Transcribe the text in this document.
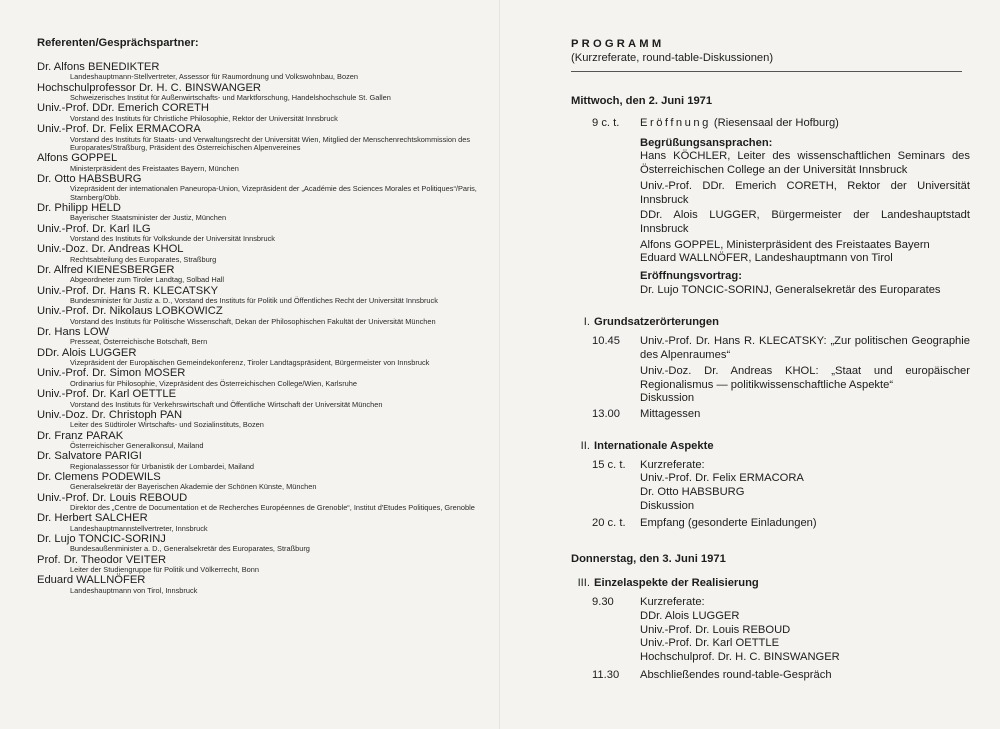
Referenten/Gesprächspartner:
Dr. Alfons BENEDIKTER
Landeshauptmann-Stellvertreter, Assessor für Raumordnung und Volkswohnbau, Bozen
Hochschulprofessor Dr. H. C. BINSWANGER
Schweizerisches Institut für Außenwirtschafts- und Marktforschung, Handelshochschule St. Gallen
Univ.-Prof. DDr. Emerich CORETH
Vorstand des Instituts für Christliche Philosophie, Rektor der Universität Innsbruck
Univ.-Prof. Dr. Felix ERMACORA
Vorstand des Instituts für Staats- und Verwaltungsrecht der Universität Wien, Mitglied der Menschenrechtskommission des Europarates/Straßburg, Präsident des Österreichischen Alpenvereines
Alfons GOPPEL
Ministerpräsident des Freistaates Bayern, München
Dr. Otto HABSBURG
Vizepräsident der internationalen Paneuropa-Union, Vizepräsident der „Académie des Sciences Morales et Politiques“/Paris, Starnberg/Obb.
Dr. Philipp HELD
Bayerischer Staatsminister der Justiz, München
Univ.-Prof. Dr. Karl ILG
Vorstand des Instituts für Volkskunde der Universität Innsbruck
Univ.-Doz. Dr. Andreas KHOL
Rechtsabteilung des Europarates, Straßburg
Dr. Alfred KIENESBERGER
Abgeordneter zum Tiroler Landtag, Solbad Hall
Univ.-Prof. Dr. Hans R. KLECATSKY
Bundesminister für Justiz a. D., Vorstand des Instituts für Politik und Öffentliches Recht der Universität Innsbruck
Univ.-Prof. Dr. Nikolaus LOBKOWICZ
Vorstand des Instituts für Politische Wissenschaft, Dekan der Philosophischen Fakultät der Universität München
Dr. Hans LOW
Presseat, Österreichische Botschaft, Bern
DDr. Alois LUGGER
Vizepräsident der Europäischen Gemeindekonferenz, Tiroler Landtagspräsident, Bürgermeister von Innsbruck
Univ.-Prof. Dr. Simon MOSER
Ordinarius für Philosophie, Vizepräsident des Österreichischen College/Wien, Karlsruhe
Univ.-Prof. Dr. Karl OETTLE
Vorstand des Instituts für Verkehrswirtschaft und Öffentliche Wirtschaft der Universität München
Univ.-Doz. Dr. Christoph PAN
Leiter des Südtiroler Wirtschafts- und Sozialinstituts, Bozen
Dr. Franz PARAK
Österreichischer Generalkonsul, Mailand
Dr. Salvatore PARIGI
Regionalassessor für Urbanistik der Lombardei, Mailand
Dr. Clemens PODEWILS
Generalsekretär der Bayerischen Akademie der Schönen Künste, München
Univ.-Prof. Dr. Louis REBOUD
Direktor des „Centre de Documentation et de Recherches Européennes de Grenoble“, Institut d'Etudes Politiques, Grenoble
Dr. Herbert SALCHER
Landeshauptmannstellvertreter, Innsbruck
Dr. Lujo TONCIC-SORINJ
Bundesaußenminister a. D., Generalsekretär des Europarates, Straßburg
Prof. Dr. Theodor VEITER
Leiter der Studiengruppe für Politik und Völkerrecht, Bonn
Eduard WALLNÖFER
Landeshauptmann von Tirol, Innsbruck
PROGRAMM
(Kurzreferate, round-table-Diskussionen)
Mittwoch, den 2. Juni 1971
9 c. t.	Eröffnung (Riesensaal der Hofburg)
Begrüßungsansprachen:
Hans KÖCHLER, Leiter des wissenschaftlichen Seminars des Österreichischen College an der Universität Innsbruck
Univ.-Prof. DDr. Emerich CORETH, Rektor der Universität Innsbruck
DDr. Alois LUGGER, Bürgermeister der Landeshauptstadt Innsbruck
Alfons GOPPEL, Ministerpräsident des Freistaates Bayern
Eduard WALLNÖFER, Landeshauptmann von Tirol
Eröffnungsvortrag:
Dr. Lujo TONCIC-SORINJ, Generalsekretär des Europarates
I. Grundsatzerörterungen
10.45	Univ.-Prof. Dr. Hans R. KLECATSKY: „Zur politischen Geographie des Alpenraumes“
Univ.-Doz. Dr. Andreas KHOL: „Staat und europäischer Regionalismus — politikwissenschaftliche Aspekte“
Diskussion
13.00	Mittagessen
II. Internationale Aspekte
15 c. t.	Kurzreferate:
Univ.-Prof. Dr. Felix ERMACORA
Dr. Otto HABSBURG
Diskussion
20 c. t.	Empfang (gesonderte Einladungen)
Donnerstag, den 3. Juni 1971
III. Einzelaspekte der Realisierung
9.30	Kurzreferate:
DDr. Alois LUGGER
Univ.-Prof. Dr. Louis REBOUD
Univ.-Prof. Dr. Karl OETTLE
Hochschulprof. Dr. H. C. BINSWANGER
11.30	Abschließendes round-table-Gespräch
